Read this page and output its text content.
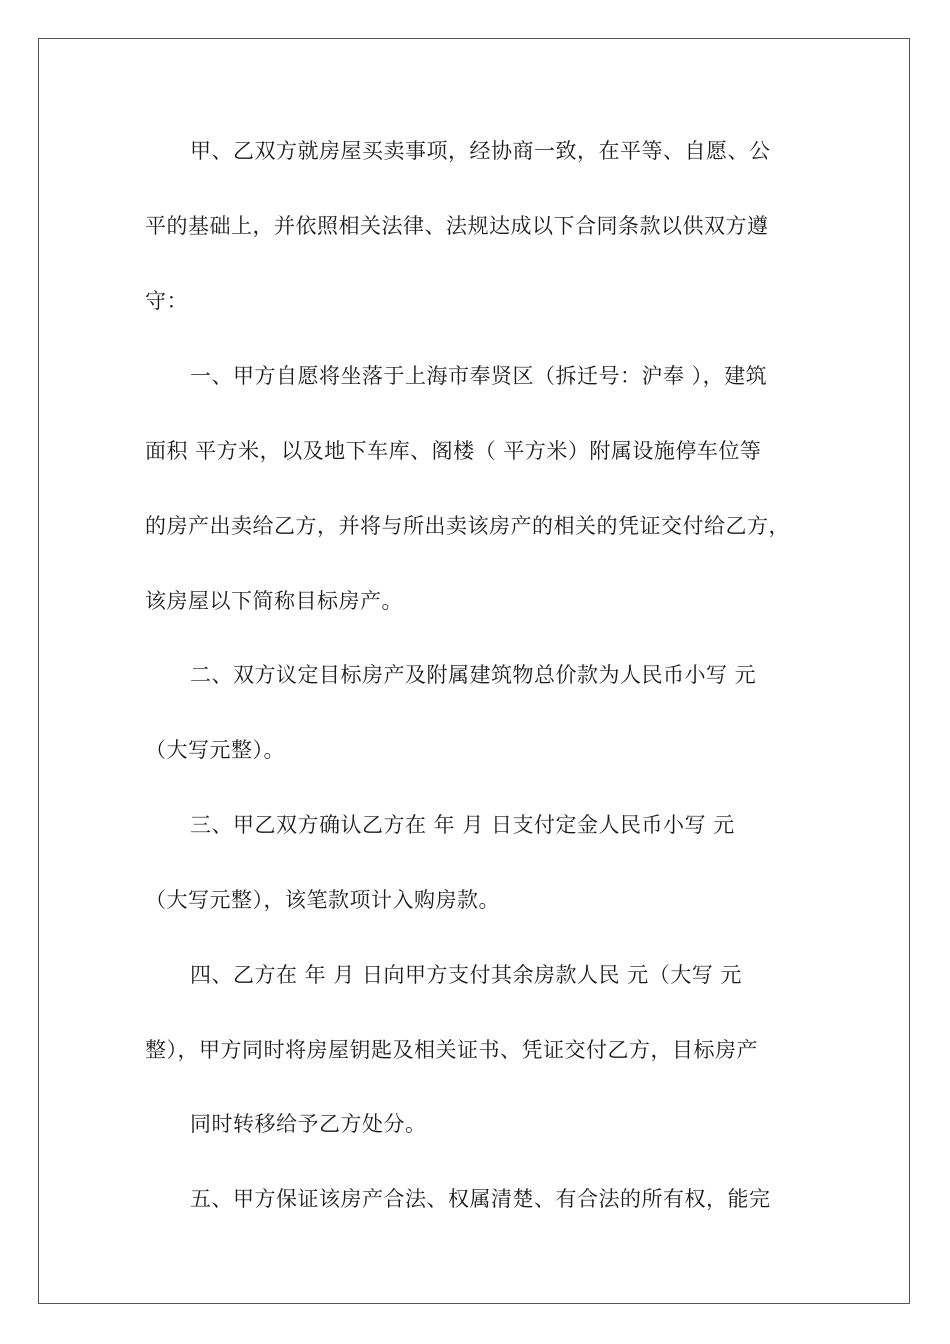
甲、乙双方就房屋买卖事项，经协商一致，在平等、自愿、公
平的基础上，并依照相关法律、法规达成以下合同条款以供双方遵
守：
一、甲方自愿将坐落于上海市奉贤区（拆迁号：沪奉 ），建筑
面积 平方米，以及地下车库、阁楼（ 平方米）附属设施停车位等
的房产出卖给乙方，并将与所出卖该房产的相关的凭证交付给乙方，
该房屋以下简称目标房产。
二、双方议定目标房产及附属建筑物总价款为人民币小写 元
（大写元整）。
三、甲乙双方确认乙方在 年 月 日支付定金人民币小写 元
（大写元整），该笔款项计入购房款。
四、乙方在 年 月 日向甲方支付其余房款人民 元（大写 元
整），甲方同时将房屋钥匙及相关证书、凭证交付乙方，目标房产
同时转移给予乙方处分。
五、甲方保证该房产合法、权属清楚、有合法的所有权，能完
